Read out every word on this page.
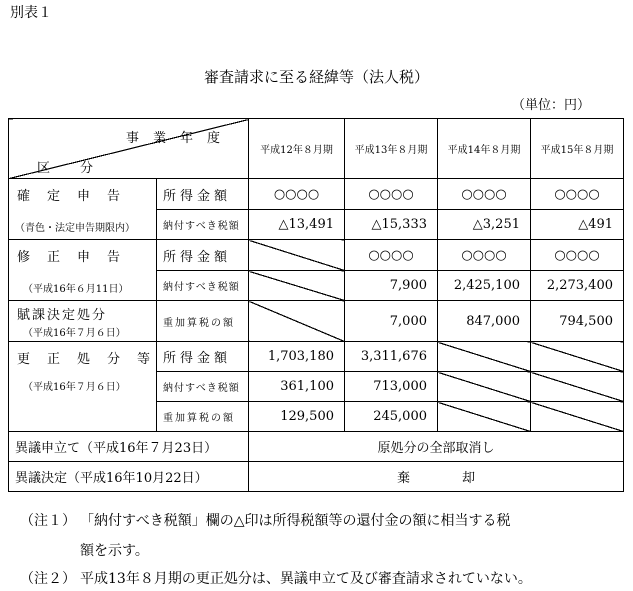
別表１
審査請求に至る経緯等（法人税）
（単位：円）
事業年度
区分		平成12年８月期	平成13年８月期	平成14年８月期	平成15年８月期

確　定　申　告
（青色・法定申告期限内）	所得金額	○○○○	○○○○	○○○○	○○○○
	納付すべき税額	△13,491	△15,333	△3,251	△491

修　正　申　告
（平成16年６月11日）	所得金額		○○○○	○○○○	○○○○
	納付すべき税額		7,900	2,425,100	2,273,400

賦課決定処分
（平成16年７月６日）	重加算税の額		7,000	847,000	794,500

更　正　処　分　等
（平成16年７月６日）	所得金額	1,703,180	3,311,676		
	納付すべき税額	361,100	713,000		
	重加算税の額	129,500	245,000		
異議申立て（平成16年７月23日）		原処分の全部取消し			
異議決定（平成16年10月22日）		棄　　　　却			
（注１） 「納付すべき税額」欄の△印は所得税額等の還付金の額に相当する税
額を示す。
（注２） 平成13年８月期の更正処分は、異議申立て及び審査請求されていない。
